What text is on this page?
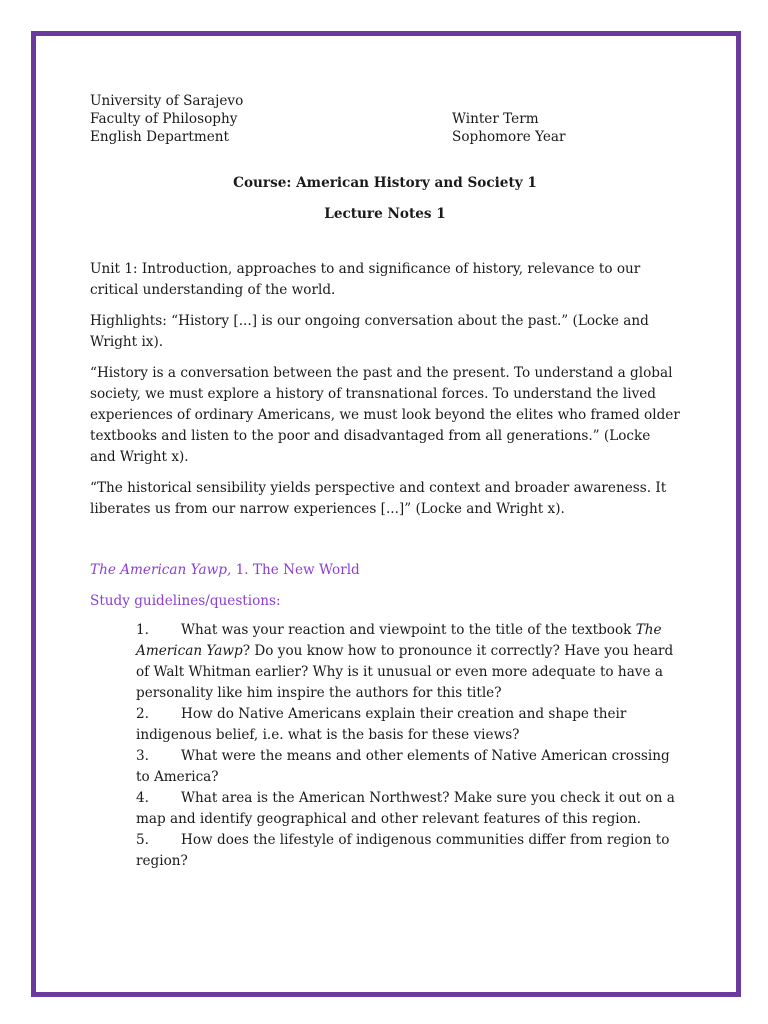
University of Sarajevo
Faculty of Philosophy
English Department
Winter Term
Sophomore Year
Course: American History and Society 1
Lecture Notes 1
Unit 1: Introduction, approaches to and significance of history, relevance to our critical understanding of the world.
Highlights: “History [...] is our ongoing conversation about the past.” (Locke and Wright ix).
“History is a conversation between the past and the present. To understand a global society, we must explore a history of transnational forces. To understand the lived experiences of ordinary Americans, we must look beyond the elites who framed older textbooks and listen to the poor and disadvantaged from all generations.” (Locke and Wright x).
“The historical sensibility yields perspective and context and broader awareness. It liberates us from our narrow experiences [...]” (Locke and Wright x).
The American Yawp, 1. The New World
Study guidelines/questions:
1. What was your reaction and viewpoint to the title of the textbook The American Yawp? Do you know how to pronounce it correctly? Have you heard of Walt Whitman earlier? Why is it unusual or even more adequate to have a personality like him inspire the authors for this title?
2. How do Native Americans explain their creation and shape their indigenous belief, i.e. what is the basis for these views?
3. What were the means and other elements of Native American crossing to America?
4. What area is the American Northwest? Make sure you check it out on a map and identify geographical and other relevant features of this region.
5. How does the lifestyle of indigenous communities differ from region to region?
